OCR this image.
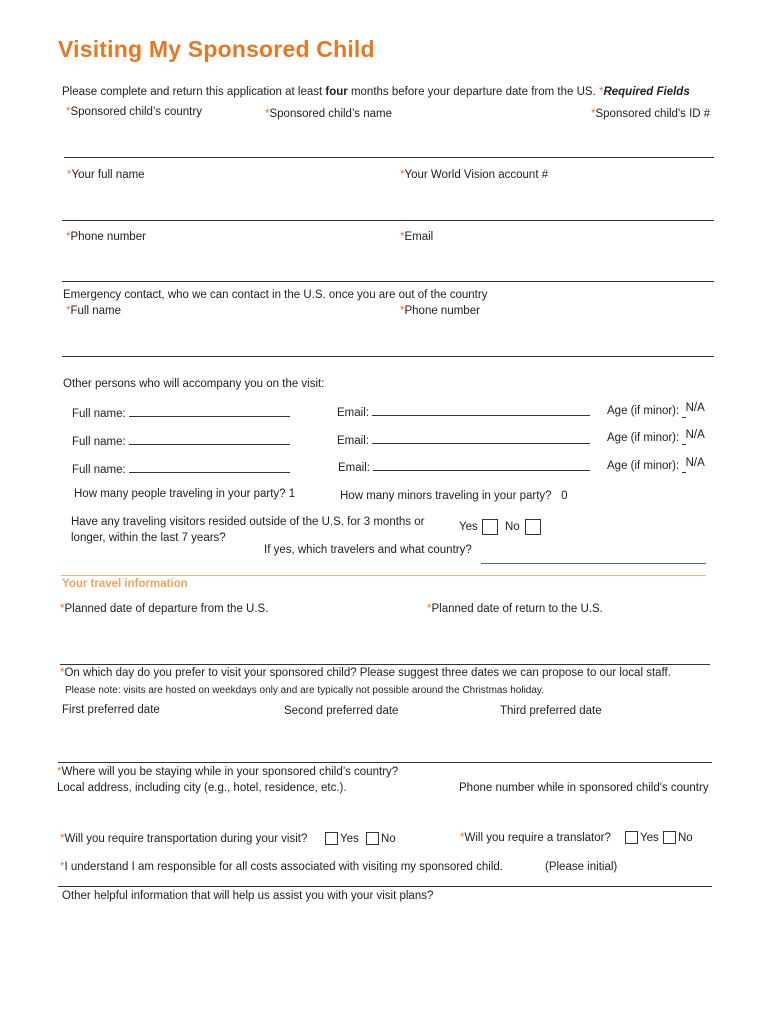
Visiting My Sponsored Child
Please complete and return this application at least four months before your departure date from the US. *Required Fields
*Sponsored child’s country	*Sponsored child’s name	*Sponsored child's ID #
*Your full name	*Your World Vision account #
*Phone number	*Email
Emergency contact, who we can contact in the U.S. once you are out of the country
*Full name	*Phone number
Other persons who will accompany you on the visit:
Full name:	Email:	Age (if minor): N/A
Full name:	Email:	Age (if minor): N/A
Full name:	Email:	Age (if minor): N/A
How many people traveling in your party? 1	How many minors traveling in your party? 0
Have any traveling visitors resided outside of the U.S. for 3 months or
longer, within the last 7 years?
Yes No
If yes, which travelers and what country?
Your travel information
*Planned date of departure from the U.S.	*Planned date of return to the U.S.
*On which day do you prefer to visit your sponsored child? Please suggest three dates we can propose to our local staff.
Please note: visits are hosted on weekdays only and are typically not possible around the Christmas holiday.
First preferred date	Second preferred date	Third preferred date
*Where will you be staying while in your sponsored child’s country?
Local address, including city (e.g., hotel, residence, etc.).	Phone number while in sponsored child's country
*Will you require transportation during your visit?	Yes No	*Will you require a translator?	Yes No
*I understand I am responsible for all costs associated with visiting my sponsored child.	(Please initial)
Other helpful information that will help us assist you with your visit plans?
